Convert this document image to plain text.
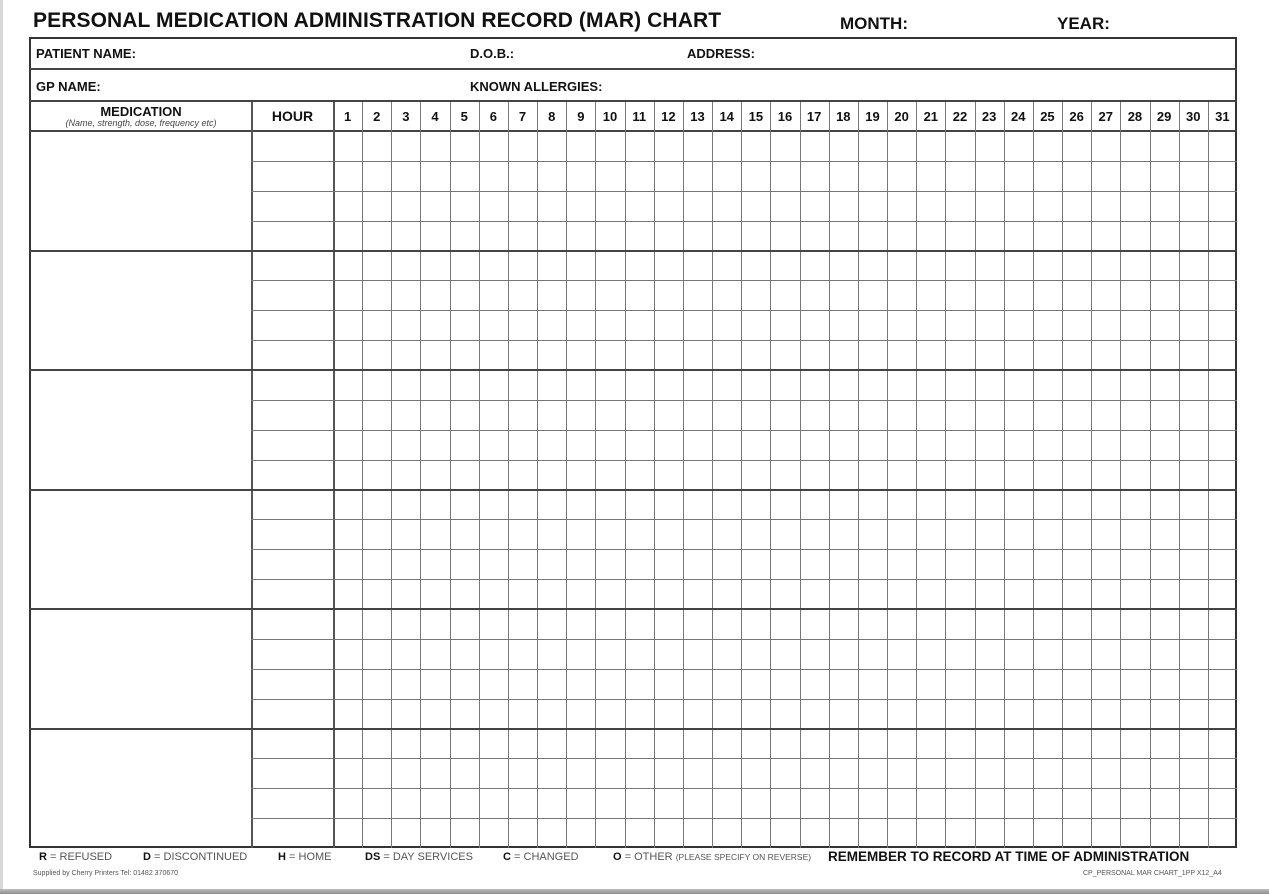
PERSONAL MEDICATION ADMINISTRATION RECORD (MAR) CHART	MONTH:	YEAR:
PATIENT NAME:	D.O.B.:	ADDRESS:
GP NAME:	KNOWN ALLERGIES:
MEDICATION
(Name, strength, dose, frequency etc)	HOUR	1	2	3	4	5	6	7	8	9	10	11	12	13	14	15	16	17	18	19	20	21	22	23	24	25	26	27	28	29	30	31
R = REFUSED	D = DISCONTINUED	H = HOME	DS = DAY SERVICES	C = CHANGED	O = OTHER (PLEASE SPECIFY ON REVERSE) REMEMBER TO RECORD AT TIME OF ADMINISTRATION
Supplied by Cherry Printers Tel: 01482 370670	CP_PERSONAL MAR CHART_1PP X12_A4
